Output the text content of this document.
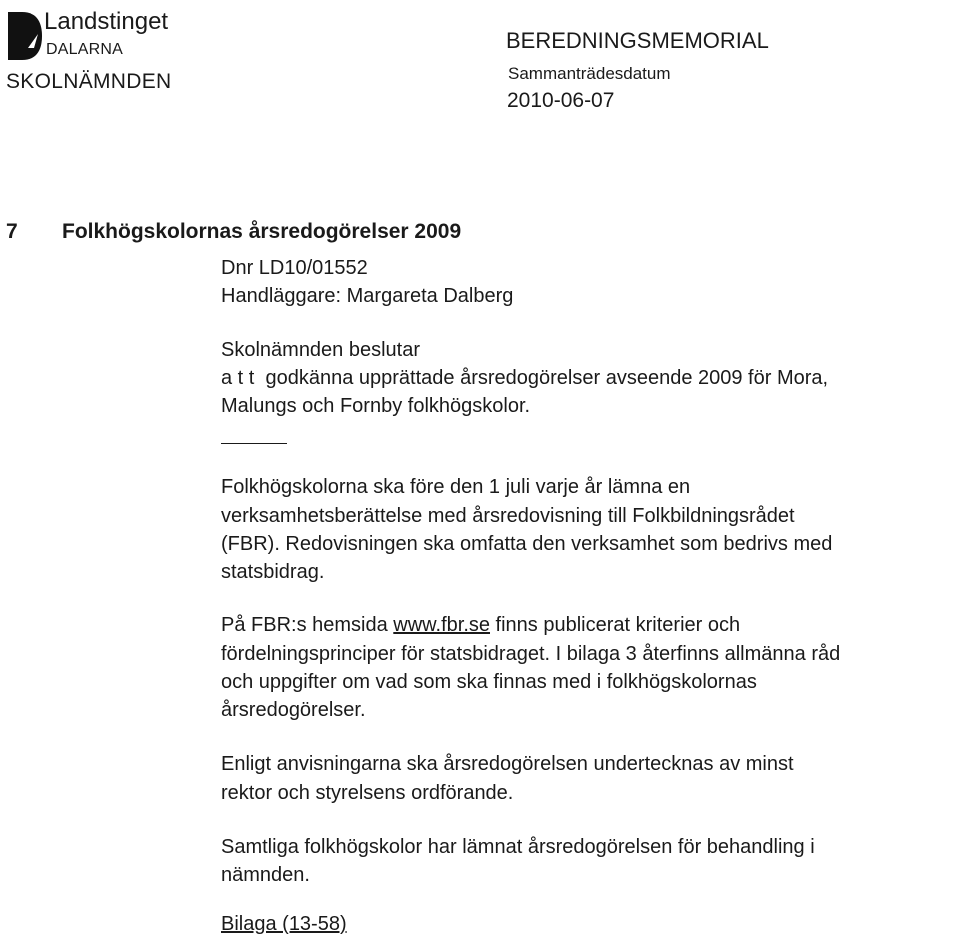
Landstinget
DALARNA
SKOLNÄMNDEN
BEREDNINGSMEMORIAL
Sammanträdesdatum
2010-06-07
7 Folkhögskolornas årsredogörelser 2009
Dnr LD10/01552
Handläggare: Margareta Dalberg
Skolnämnden beslutar
a t t  godkänna upprättade årsredogörelser avseende 2009 för Mora,
Malungs och Fornby folkhögskolor.
Folkhögskolorna ska före den 1 juli varje år lämna en
verksamhetsberättelse med årsredovisning till Folkbildningsrådet
(FBR). Redovisningen ska omfatta den verksamhet som bedrivs med
statsbidrag.
På FBR:s hemsida www.fbr.se finns publicerat kriterier och
fördelningsprinciper för statsbidraget. I bilaga 3 återfinns allmänna råd
och uppgifter om vad som ska finnas med i folkhögskolornas
årsredogörelser.
Enligt anvisningarna ska årsredogörelsen undertecknas av minst
rektor och styrelsens ordförande.
Samtliga folkhögskolor har lämnat årsredogörelsen för behandling i
nämnden.
Bilaga (13-58)
